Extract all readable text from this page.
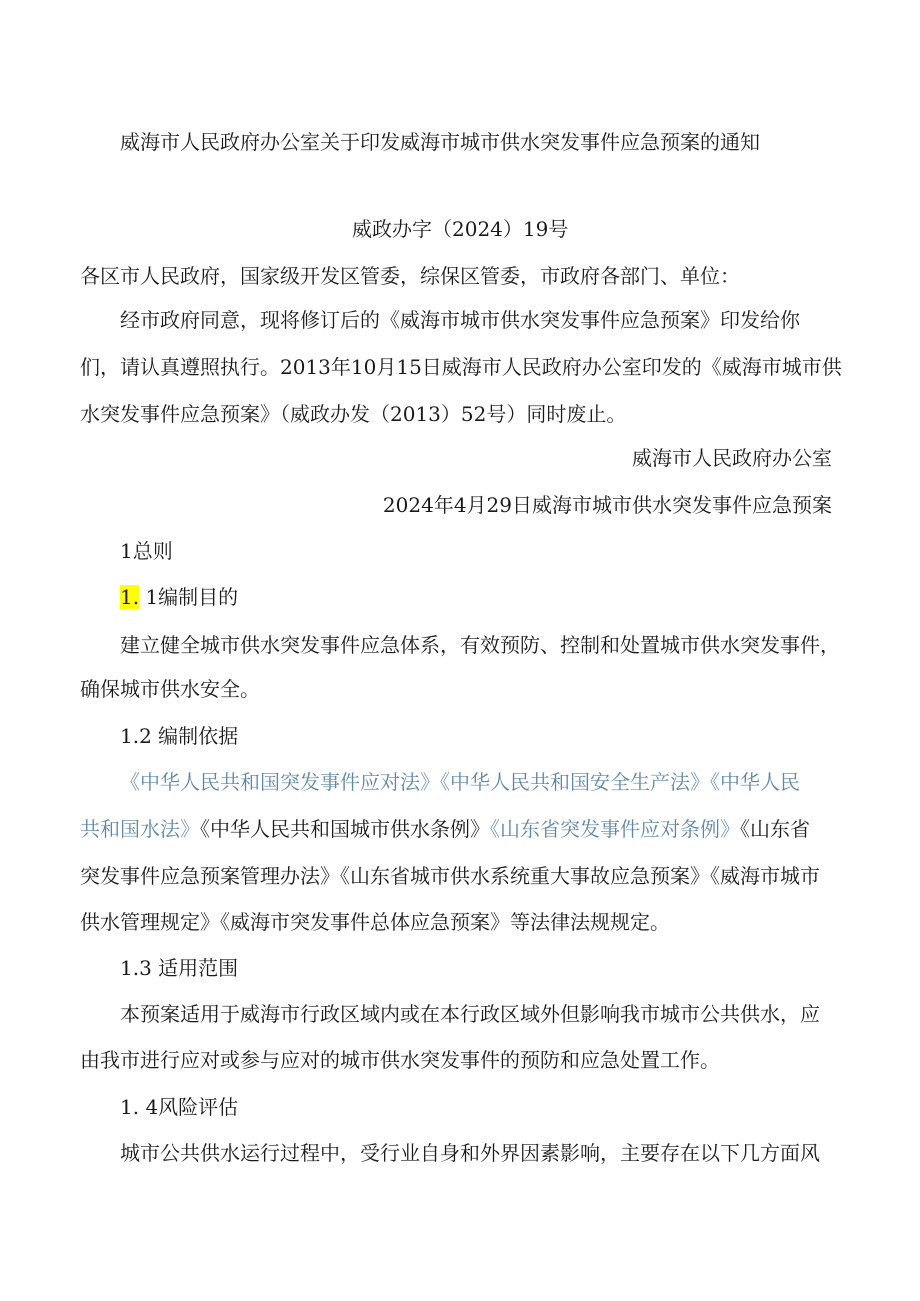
威海市人民政府办公室关于印发威海市城市供水突发事件应急预案的通知
威政办字（2024）19号
各区市人民政府，国家级开发区管委，综保区管委，市政府各部门、单位：
经市政府同意，现将修订后的《威海市城市供水突发事件应急预案》印发给你
们，请认真遵照执行。2013年10月15日威海市人民政府办公室印发的《威海市城市供
水突发事件应急预案》（威政办发（2013）52号）同时废止。
威海市人民政府办公室
2024年4月29日威海市城市供水突发事件应急预案
1总则
1. 1编制目的
建立健全城市供水突发事件应急体系，有效预防、控制和处置城市供水突发事件，
确保城市供水安全。
1.2 编制依据
《中华人民共和国突发事件应对法》《中华人民共和国安全生产法》《中华人民
共和国水法》《中华人民共和国城市供水条例》《山东省突发事件应对条例》《山东省
突发事件应急预案管理办法》《山东省城市供水系统重大事故应急预案》《威海市城市
供水管理规定》《威海市突发事件总体应急预案》等法律法规规定。
1.3 适用范围
本预案适用于威海市行政区域内或在本行政区域外但影响我市城市公共供水，应
由我市进行应对或参与应对的城市供水突发事件的预防和应急处置工作。
1. 4风险评估
城市公共供水运行过程中，受行业自身和外界因素影响，主要存在以下几方面风
